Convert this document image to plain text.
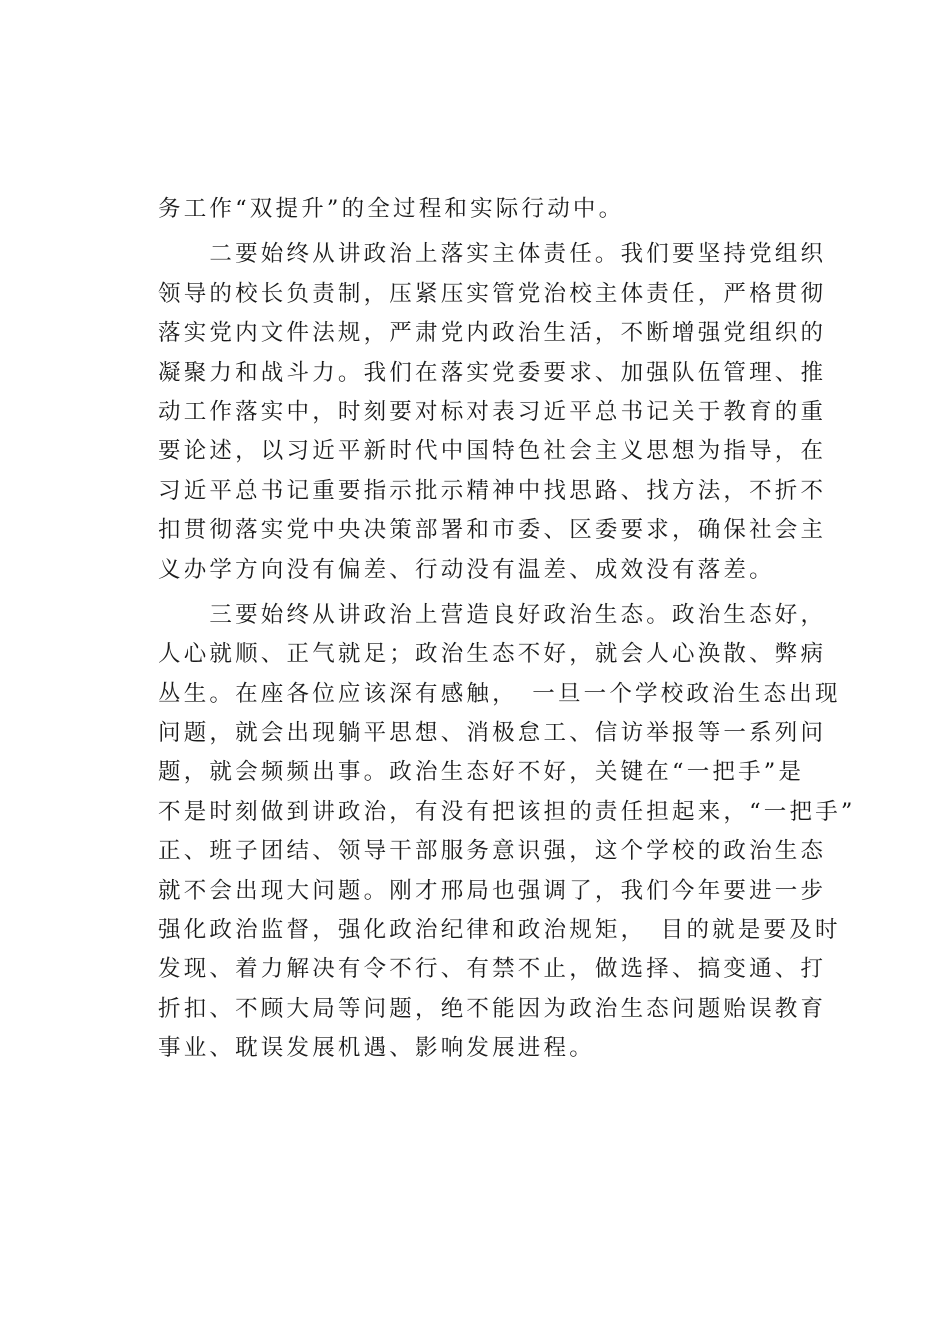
务工作“双提升”的全过程和实际行动中。
　　二要始终从讲政治上落实主体责任。我们要坚持党组织
领导的校长负责制，压紧压实管党治校主体责任，严格贯彻
落实党内文件法规，严肃党内政治生活，不断增强党组织的
凝聚力和战斗力。我们在落实党委要求、加强队伍管理、推
动工作落实中，时刻要对标对表习近平总书记关于教育的重
要论述，以习近平新时代中国特色社会主义思想为指导，在
习近平总书记重要指示批示精神中找思路、找方法，不折不
扣贯彻落实党中央决策部署和市委、区委要求，确保社会主
义办学方向没有偏差、行动没有温差、成效没有落差。
　　三要始终从讲政治上营造良好政治生态。政治生态好，
人心就顺、正气就足；政治生态不好，就会人心涣散、弊病
丛生。在座各位应该深有感触，　一旦一个学校政治生态出现
问题，就会出现躺平思想、消极怠工、信访举报等一系列问
题，就会频频出事。政治生态好不好，关键在“一把手”是
不是时刻做到讲政治，有没有把该担的责任担起来，“一把手”
正、班子团结、领导干部服务意识强，这个学校的政治生态
就不会出现大问题。刚才邢局也强调了，我们今年要进一步
强化政治监督，强化政治纪律和政治规矩，　目的就是要及时
发现、着力解决有令不行、有禁不止，做选择、搞变通、打
折扣、不顾大局等问题，绝不能因为政治生态问题贻误教育
事业、耽误发展机遇、影响发展进程。
